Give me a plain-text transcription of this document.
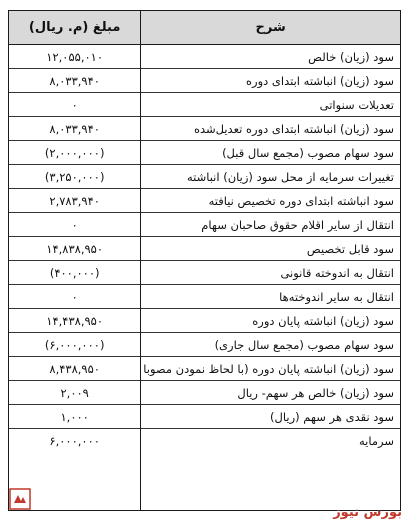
مبلغ (م. ریال)
۱۲,۰۵۵,۰۱۰
۸,۰۳۳,۹۴۰
۰
۸,۰۳۳,۹۴۰
(۲,۰۰۰,۰۰۰)
(۳,۲۵۰,۰۰۰)
۲,۷۸۳,۹۴۰
۰
۱۴,۸۳۸,۹۵۰
(۴۰۰,۰۰۰)
۰
۱۴,۴۳۸,۹۵۰
(۶,۰۰۰,۰۰۰)
۸,۴۳۸,۹۵۰
۲,۰۰۹
۱,۰۰۰
۶,۰۰۰,۰۰۰
شرح
سود (زیان) خالص
سود (زیان) انباشته ابتدای دوره
تعدیلات سنواتی
سود (زیان) انباشته ابتدای دوره تعدیل‌شده
سود سهام مصوب (مجمع سال قبل)
تغییرات سرمایه از محل سود (زیان) انباشته
سود انباشته ابتدای دوره تخصیص نیافته
انتقال از سایر اقلام حقوق صاحبان سهام
سود قابل تخصیص
انتقال به اندوخته قانونی
انتقال به سایر اندوخته‌ها
سود (زیان) انباشته پایان دوره
سود سهام مصوب (مجمع سال جاری)
سود (زیان) انباشته پایان دوره (با لحاظ نمودن مصوبا
سود (زیان) خالص هر سهم- ریال
سود نقدی هر سهم (ریال)
سرمایه
بورس نیوز
